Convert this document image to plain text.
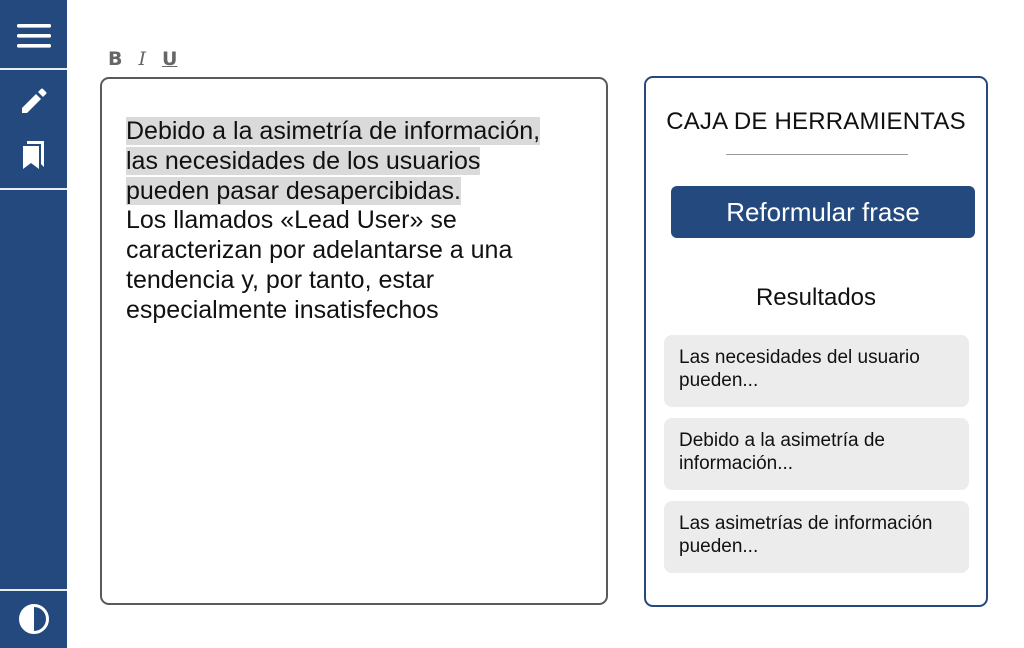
B I U
Debido a la asimetría de información,
las necesidades de los usuarios
pueden pasar desapercibidas.
Los llamados «Lead User» se
caracterizan por adelantarse a una
tendencia y, por tanto, estar
especialmente insatisfechos
CAJA DE HERRAMIENTAS
Reformular frase
Resultados
Las necesidades del usuario
pueden...
Debido a la asimetría de
información...
Las asimetrías de información
pueden...
